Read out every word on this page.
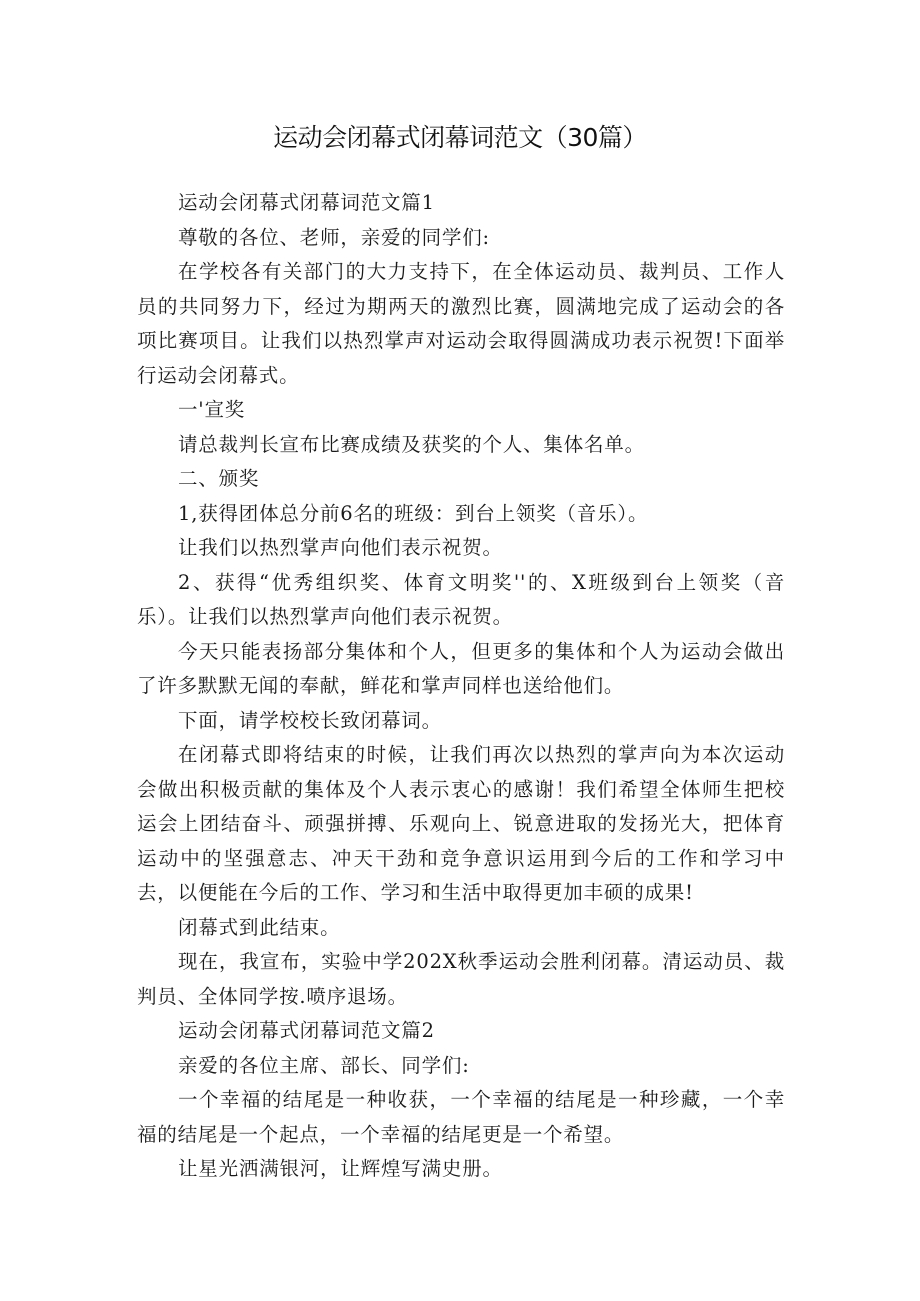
运动会闭幕式闭幕词范文（30篇）

运动会闭幕式闭幕词范文篇1

尊敬的各位、老师，亲爱的同学们:

在学校各有关部门的大力支持下，在全体运动员、裁判员、工作人员的共同努力下，经过为期两天的激烈比赛，圆满地完成了运动会的各项比赛项目。让我们以热烈掌声对运动会取得圆满成功表示祝贺!下面举行运动会闭幕式。

一'宣奖

请总裁判长宣布比赛成绩及获奖的个人、集体名单。

二、颁奖

1,获得团体总分前6名的班级：到台上领奖（音乐）。

让我们以热烈掌声向他们表示祝贺。

2、获得“优秀组织奖、体育文明奖''的、X班级到台上领奖（音乐）。让我们以热烈掌声向他们表示祝贺。

今天只能表扬部分集体和个人，但更多的集体和个人为运动会做出了许多默默无闻的奉献，鲜花和掌声同样也送给他们。

下面，请学校校长致闭幕词。

在闭幕式即将结束的时候，让我们再次以热烈的掌声向为本次运动会做出积极贡献的集体及个人表示衷心的感谢！我们希望全体师生把校运会上团结奋斗、顽强拼搏、乐观向上、锐意进取的发扬光大，把体育运动中的坚强意志、冲天干劲和竞争意识运用到今后的工作和学习中去，以便能在今后的工作、学习和生活中取得更加丰硕的成果!

闭幕式到此结束。

现在，我宣布，实验中学202X秋季运动会胜利闭幕。清运动员、裁判员、全体同学按.喷序退场。

运动会闭幕式闭幕词范文篇2

亲爱的各位主席、部长、同学们:

一个幸福的结尾是一种收获，一个幸福的结尾是一种珍藏，一个幸福的结尾是一个起点，一个幸福的结尾更是一个希望。

让星光洒满银河，让辉煌写满史册。
